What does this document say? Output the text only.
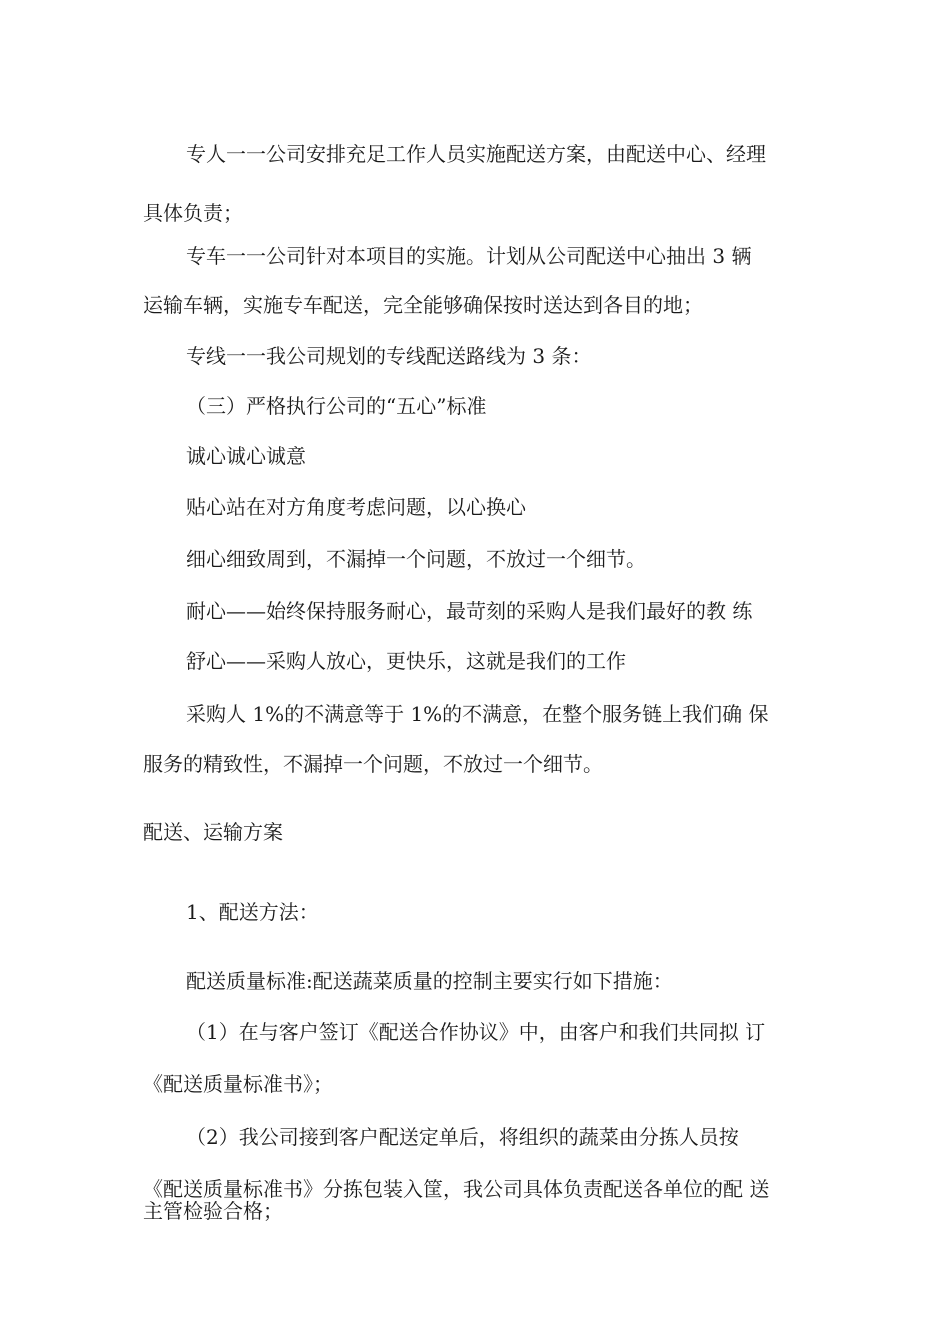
专人一一公司安排充足工作人员实施配送方案，由配送中心、经理

具体负责；

专车一一公司针对本项目的实施。计划从公司配送中心抽出 3 辆

运输车辆，实施专车配送，完全能够确保按时送达到各目的地；

专线一一我公司规划的专线配送路线为 3 条：

（三）严格执行公司的“五心”标准

诚心诚心诚意

贴心站在对方角度考虑问题，以心换心

细心细致周到，不漏掉一个问题，不放过一个细节。

耐心——始终保持服务耐心，最苛刻的采购人是我们最好的教 练

舒心——采购人放心，更快乐，这就是我们的工作

采购人 1%的不满意等于 1%的不满意，在整个服务链上我们确 保

服务的精致性，不漏掉一个问题，不放过一个细节。

配送、运输方案

1、配送方法：

配送质量标准:配送蔬菜质量的控制主要实行如下措施：

（1）在与客户签订《配送合作协议》中，由客户和我们共同拟 订

《配送质量标准书》；

（2）我公司接到客户配送定单后，将组织的蔬菜由分拣人员按

《配送质量标准书》分拣包装入筐，我公司具体负责配送各单位的配 送

主管检验合格；
